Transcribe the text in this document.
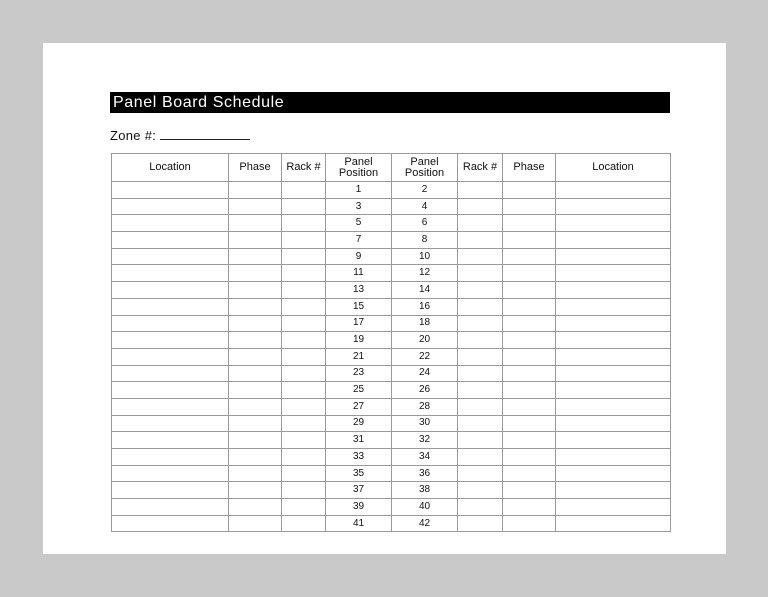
Panel Board Schedule
Zone #:
Location	Phase	Rack #	Panel Position	Panel Position	Rack #	Phase	Location
			1	2			
			3	4			
			5	6			
			7	8			
			9	10			
			11	12			
			13	14			
			15	16			
			17	18			
			19	20			
			21	22			
			23	24			
			25	26			
			27	28			
			29	30			
			31	32			
			33	34			
			35	36			
			37	38			
			39	40			
			41	42			
